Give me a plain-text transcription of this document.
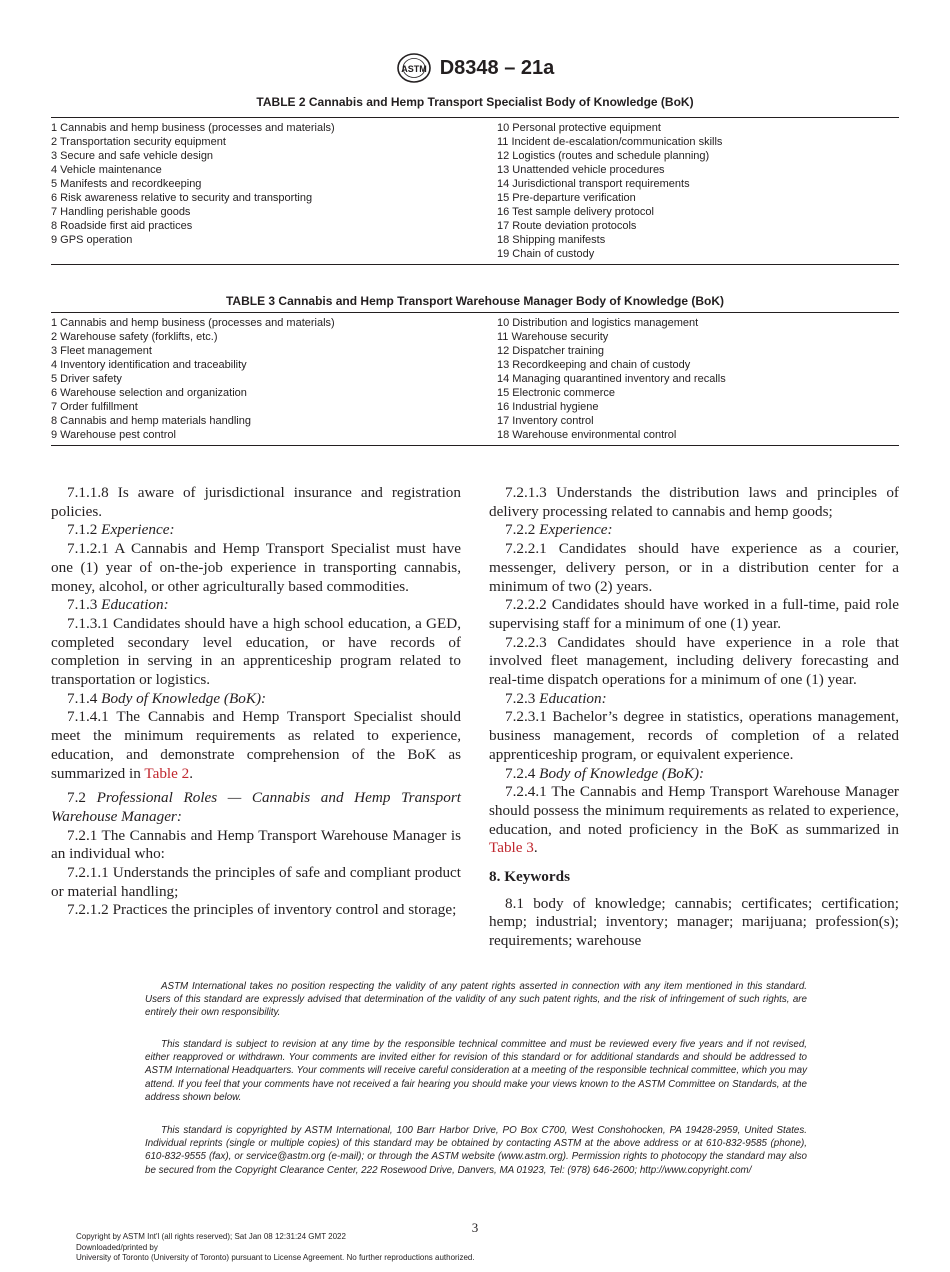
ASTM D8348 – 21a
TABLE 2 Cannabis and Hemp Transport Specialist Body of Knowledge (BoK)
1 Cannabis and hemp business (processes and materials)
2 Transportation security equipment
3 Secure and safe vehicle design
4 Vehicle maintenance
5 Manifests and recordkeeping
6 Risk awareness relative to security and transporting
7 Handling perishable goods
8 Roadside first aid practices
9 GPS operation
10 Personal protective equipment
11 Incident de-escalation/communication skills
12 Logistics (routes and schedule planning)
13 Unattended vehicle procedures
14 Jurisdictional transport requirements
15 Pre-departure verification
16 Test sample delivery protocol
17 Route deviation protocols
18 Shipping manifests
19 Chain of custody
TABLE 3 Cannabis and Hemp Transport Warehouse Manager Body of Knowledge (BoK)
1 Cannabis and hemp business (processes and materials)
2 Warehouse safety (forklifts, etc.)
3 Fleet management
4 Inventory identification and traceability
5 Driver safety
6 Warehouse selection and organization
7 Order fulfillment
8 Cannabis and hemp materials handling
9 Warehouse pest control
10 Distribution and logistics management
11 Warehouse security
12 Dispatcher training
13 Recordkeeping and chain of custody
14 Managing quarantined inventory and recalls
15 Electronic commerce
16 Industrial hygiene
17 Inventory control
18 Warehouse environmental control

7.1.1.8 Is aware of jurisdictional insurance and registration policies.

7.1.2 Experience:

7.1.2.1 A Cannabis and Hemp Transport Specialist must have one (1) year of on-the-job experience in transporting cannabis, money, alcohol, or other agriculturally based commodities.

7.1.3 Education:

7.1.3.1 Candidates should have a high school education, a GED, completed secondary level education, or have records of completion in serving in an apprenticeship program related to transportation or logistics.

7.1.4 Body of Knowledge (BoK):

7.1.4.1 The Cannabis and Hemp Transport Specialist should meet the minimum requirements as related to experience, education, and demonstrate comprehension of the BoK as summarized in Table 2.

7.2 Professional Roles — Cannabis and Hemp Transport Warehouse Manager:

7.2.1 The Cannabis and Hemp Transport Warehouse Manager is an individual who:

7.2.1.1 Understands the principles of safe and compliant product or material handling;

7.2.1.2 Practices the principles of inventory control and storage;

7.2.1.3 Understands the distribution laws and principles of delivery processing related to cannabis and hemp goods;

7.2.2 Experience:

7.2.2.1 Candidates should have experience as a courier, messenger, delivery person, or in a distribution center for a minimum of two (2) years.

7.2.2.2 Candidates should have worked in a full-time, paid role supervising staff for a minimum of one (1) year.

7.2.2.3 Candidates should have experience in a role that involved fleet management, including delivery forecasting and real-time dispatch operations for a minimum of one (1) year.

7.2.3 Education:

7.2.3.1 Bachelor’s degree in statistics, operations management, business management, records of completion of a related apprenticeship program, or equivalent experience.

7.2.4 Body of Knowledge (BoK):

7.2.4.1 The Cannabis and Hemp Transport Warehouse Manager should possess the minimum requirements as related to experience, education, and noted proficiency in the BoK as summarized in Table 3.

8. Keywords

8.1 body of knowledge; cannabis; certificates; certification; hemp; industrial; inventory; manager; marijuana; profession(s); requirements; warehouse

ASTM International takes no position respecting the validity of any patent rights asserted in connection with any item mentioned in this standard. Users of this standard are expressly advised that determination of the validity of any such patent rights, and the risk of infringement of such rights, are entirely their own responsibility.

This standard is subject to revision at any time by the responsible technical committee and must be reviewed every five years and if not revised, either reapproved or withdrawn. Your comments are invited either for revision of this standard or for additional standards and should be addressed to ASTM International Headquarters. Your comments will receive careful consideration at a meeting of the responsible technical committee, which you may attend. If you feel that your comments have not received a fair hearing you should make your views known to the ASTM Committee on Standards, at the address shown below.

This standard is copyrighted by ASTM International, 100 Barr Harbor Drive, PO Box C700, West Conshohocken, PA 19428-2959, United States. Individual reprints (single or multiple copies) of this standard may be obtained by contacting ASTM at the above address or at 610-832-9585 (phone), 610-832-9555 (fax), or service@astm.org (e-mail); or through the ASTM website (www.astm.org). Permission rights to photocopy the standard may also be secured from the Copyright Clearance Center, 222 Rosewood Drive, Danvers, MA 01923, Tel: (978) 646-2600; http://www.copyright.com/

3
Copyright by ASTM Int'l (all rights reserved); Sat Jan 08 12:31:24 GMT 2022
Downloaded/printed by
University of Toronto (University of Toronto) pursuant to License Agreement. No further reproductions authorized.
